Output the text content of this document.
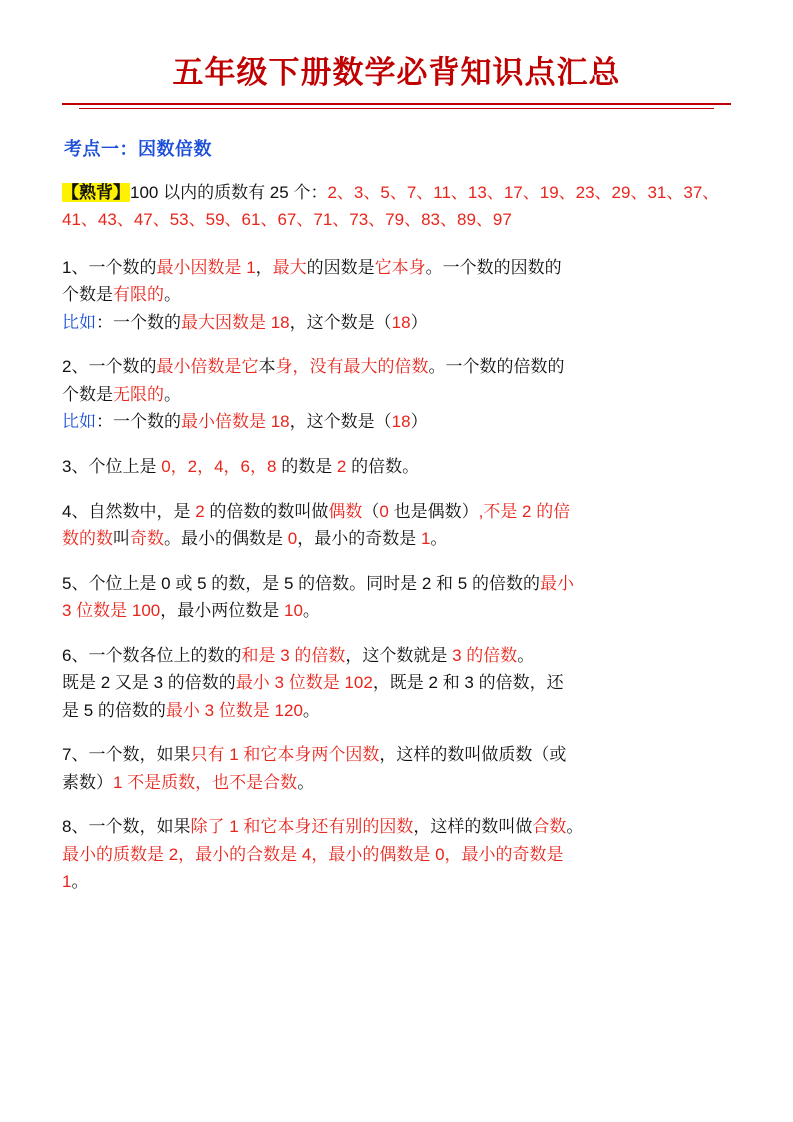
五年级下册数学必背知识点汇总
考点一：因数倍数

【熟背】100 以内的质数有 25 个：2、3、5、7、11、13、17、19、23、29、31、37、41、43、47、53、59、61、67、71、73、79、83、89、97

1、一个数的最小因数是 1，最大的因数是它本身。一个数的因数的
个数是有限的。
比如：一个数的最大因数是 18，这个数是（18）

2、一个数的最小倍数是它本身，没有最大的倍数。一个数的倍数的
个数是无限的。
比如：一个数的最小倍数是 18，这个数是（18）

3、个位上是 0，2，4，6，8 的数是 2 的倍数。

4、自然数中，是 2 的倍数的数叫做偶数（0 也是偶数）,不是 2 的倍
数的数叫奇数。最小的偶数是 0，最小的奇数是 1。

5、个位上是 0 或 5 的数，是 5 的倍数。同时是 2 和 5 的倍数的最小
3 位数是 100，最小两位数是 10。

6、一个数各位上的数的和是 3 的倍数，这个数就是 3 的倍数。
既是 2 又是 3 的倍数的最小 3 位数是 102，既是 2 和 3 的倍数，还
是 5 的倍数的最小 3 位数是 120。

7、一个数，如果只有 1 和它本身两个因数，这样的数叫做质数（或
素数）1 不是质数，也不是合数。

8、一个数，如果除了 1 和它本身还有别的因数，这样的数叫做合数。
最小的质数是 2，最小的合数是 4，最小的偶数是 0，最小的奇数是
1。
